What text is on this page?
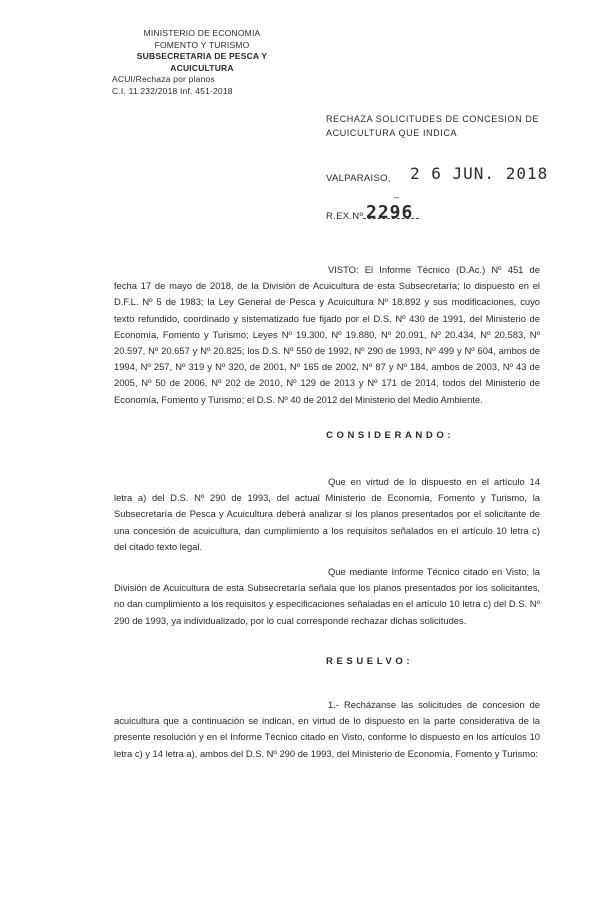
MINISTERIO DE ECONOMIA
FOMENTO Y TURISMO
SUBSECRETARIA DE PESCA Y ACUICULTURA
ACUI/Rechaza por planos
C.I. 11.232/2018 Inf. 451-2018
RECHAZA SOLICITUDES DE CONCESION DE ACUICULTURA QUE INDICA
VALPARAISO, 2 6 JUN. 2018
–
R.EX.Nº 2296
VISTO: El Informe Técnico (D.Ac.) Nº 451 de fecha 17 de mayo de 2018, de la División de Acuicultura de esta Subsecretaría; lo dispuesto en el D.F.L. Nº 5 de 1983; la Ley General de Pesca y Acuicultura Nº 18.892 y sus modificaciones, cuyo texto refundido, coordinado y sistematizado fue fijado por el D.S. Nº 430 de 1991, del Ministerio de Economía, Fomento y Turismo; Leyes Nº 19.300, Nº 19.880, Nº 20.091, Nº 20.434, Nº 20.583, Nº 20.597, Nº 20.657 y Nº 20.825; los D.S. Nº 550 de 1992, Nº 290 de 1993, Nº 499 y Nº 604, ambos de 1994, Nº 257, Nº 319 y Nº 320, de 2001, Nº 165 de 2002, Nº 87 y Nº 184, ambos de 2003, Nº 43 de 2005, Nº 50 de 2006, Nº 202 de 2010, Nº 129 de 2013 y Nº 171 de 2014, todos del Ministerio de Economía, Fomento y Turismo; el D.S. Nº 40 de 2012 del Ministerio del Medio Ambiente.
CONSIDERANDO:
Que en virtud de lo dispuesto en el artículo 14 letra a) del D.S. Nº 290 de 1993, del actual Ministerio de Economía, Fomento y Turismo, la Subsecretaría de Pesca y Acuicultura deberá analizar si los planos presentados por el solicitante de una concesión de acuicultura, dan cumplimiento a los requisitos señalados en el artículo 10 letra c) del citado texto legal.
Que mediante Informe Técnico citado en Visto, la División de Acuicultura de esta Subsecretaría señala que los planos presentados por los solicitantes, no dan cumplimiento a los requisitos y especificaciones señaladas en el artículo 10 letra c) del D.S. Nº 290 de 1993, ya individualizado, por lo cual corresponde rechazar dichas solicitudes.
RESUELVO:
1.- Recházanse las solicitudes de concesión de acuicultura que a continuación se indican, en virtud de lo dispuesto en la parte considerativa de la presente resolución y en el Informe Técnico citado en Visto, conforme lo dispuesto en los artículos 10 letra c) y 14 letra a), ambos del D.S. Nº 290 de 1993, del Ministerio de Economía, Fomento y Turismo:
